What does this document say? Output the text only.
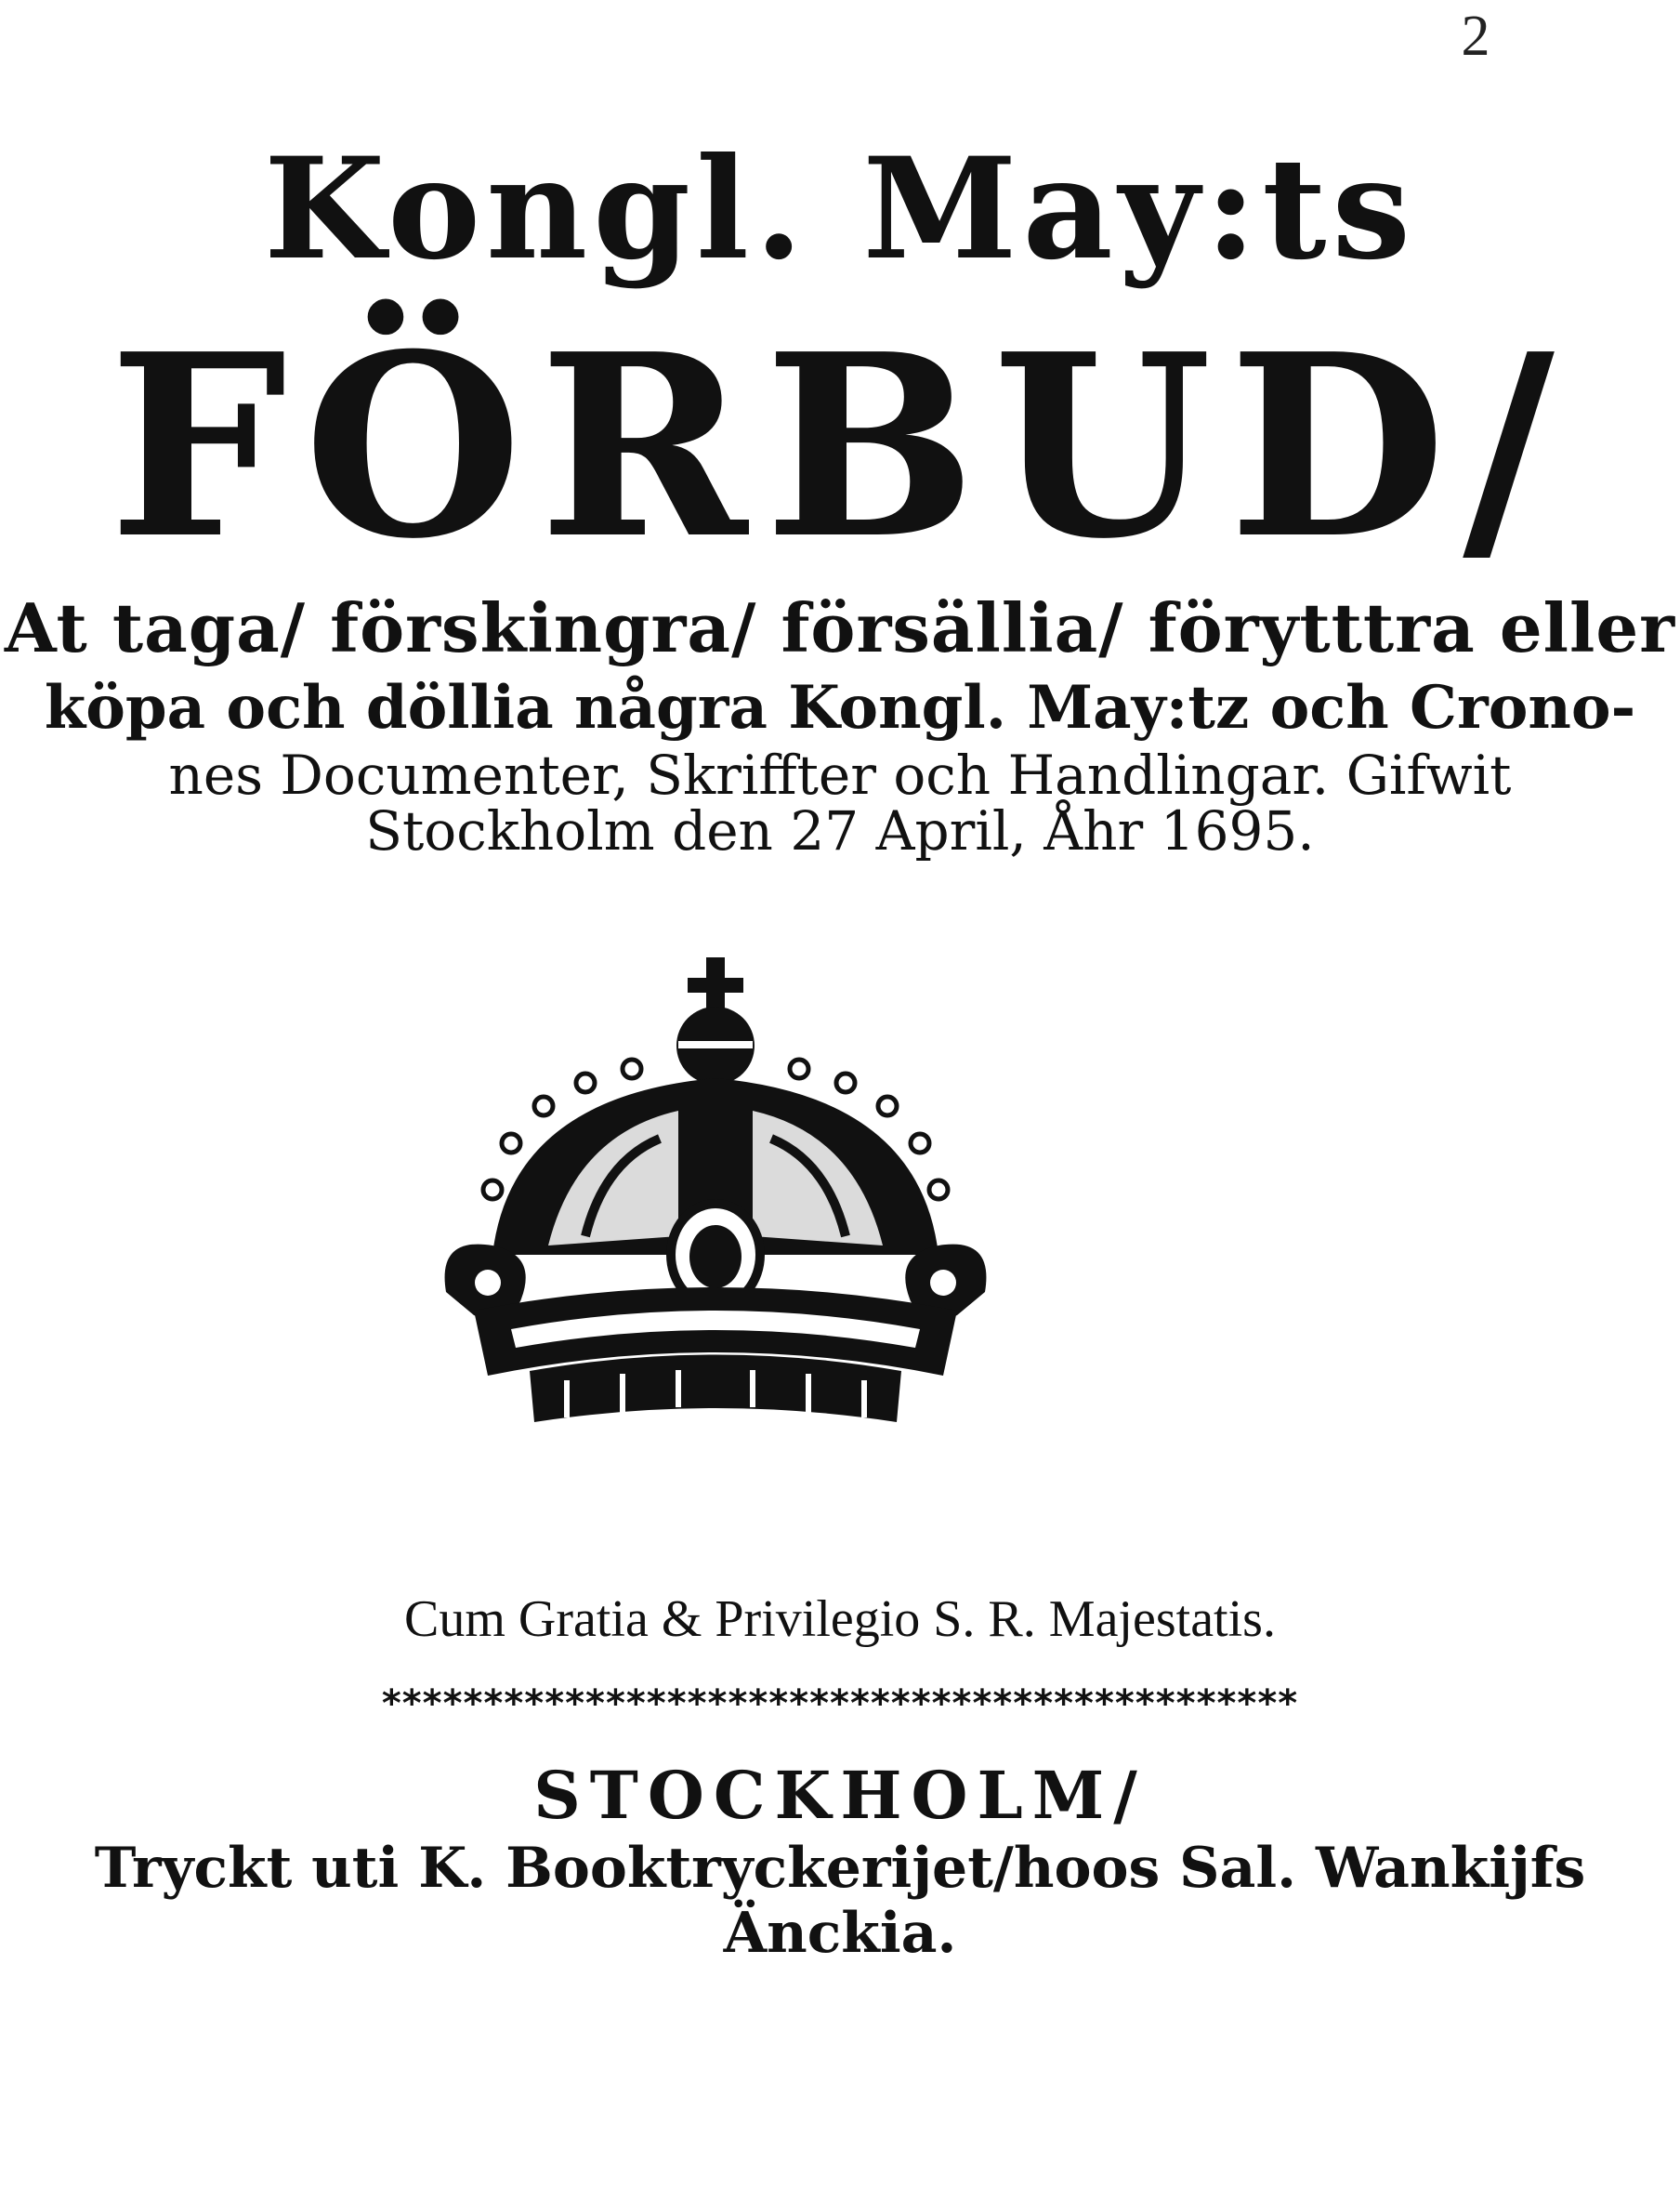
2
Kongl. May:ts
FÖRBUD/
At taga/ förskingra/ försällia/ förytttra eller
köpa och döllia några Kongl. May:tz och Crono-
nes Documenter, Skriffter och Handlingar. Gifwit
Stockholm den 27 April, Åhr 1695.
Cum Gratia & Privilegio S. R. Majestatis.
*********************************************
STOCKHOLM/
Tryckt uti K. Booktryckerijet/hoos Sal. Wankijfs Änckia.
